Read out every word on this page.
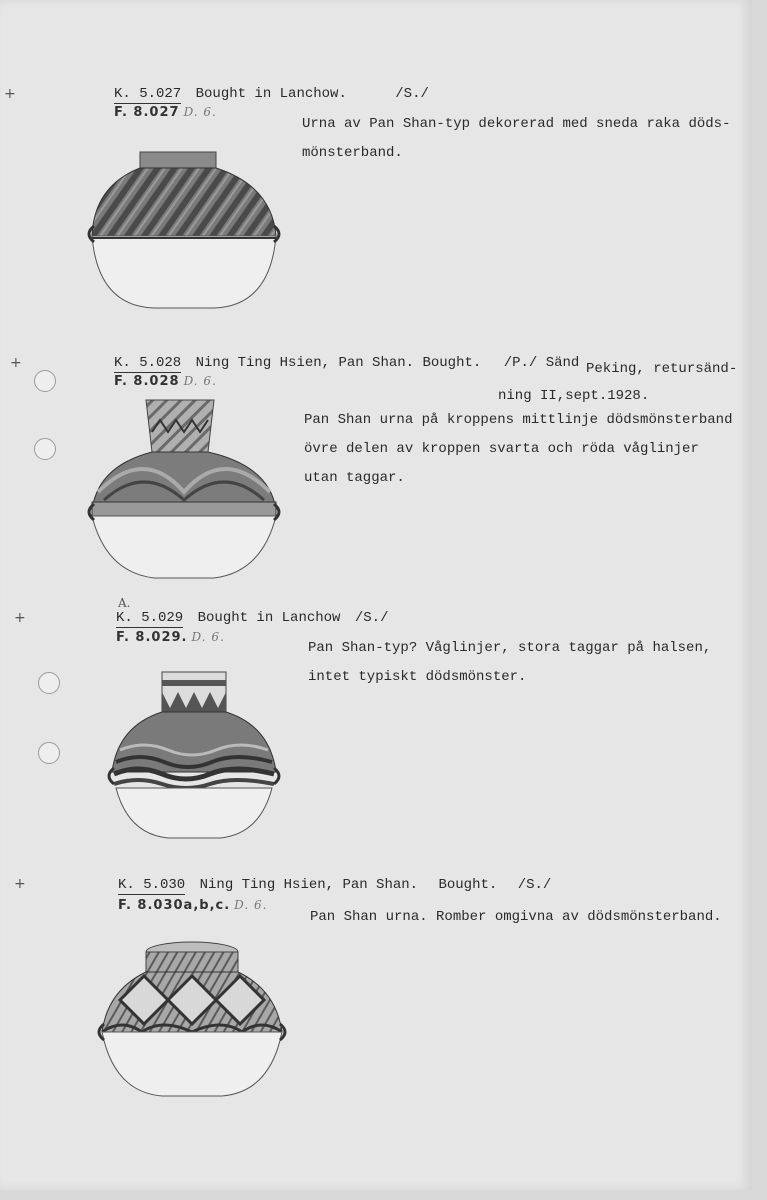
+
+
+
+
K. 5.027 Bought in Lanchow.	/S./
F. 8.027 D. 6.
Urna av Pan Shan-typ dekorerad med sneda raka döds-
mönsterband.
K. 5.028 Ning Ting Hsien, Pan Shan. Bought. /P./ Sänd Peking, retursänd-
ning II,sept.1928.
F. 8.028 D. 6.
Pan Shan urna på kroppens mittlinje dödsmönsterband
övre delen av kroppen svarta och röda våglinjer
utan taggar.
A.
K. 5.029 Bought in Lanchow /S./
F. 8.029. D. 6.
Pan Shan-typ? Våglinjer, stora taggar på halsen,
intet typiskt dödsmönster.
K. 5.030 Ning Ting Hsien, Pan Shan. Bought. /S./
F. 8.030a,b,c. D. 6.
Pan Shan urna. Romber omgivna av dödsmönsterband.
